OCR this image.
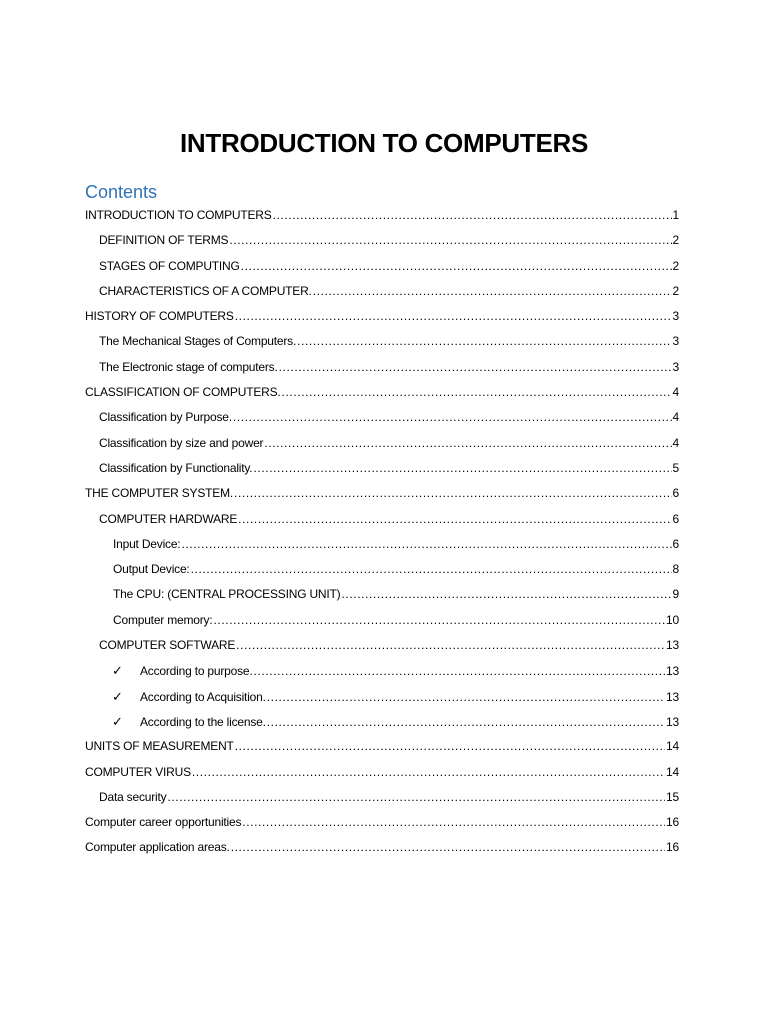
INTRODUCTION TO COMPUTERS
Contents
INTRODUCTION TO COMPUTERS .....	1
DEFINITION OF TERMS .....	2
STAGES OF COMPUTING .....	2
CHARACTERISTICS OF A COMPUTER. .....	2
HISTORY OF COMPUTERS .....	3
The Mechanical Stages of Computers. .....	3
The Electronic stage of computers. .....	3
CLASSIFICATION OF COMPUTERS. .....	4
Classification by Purpose. .....	4
Classification by size and power .....	4
Classification by Functionality. .....	5
THE COMPUTER SYSTEM. .....	6
COMPUTER HARDWARE .....	6
Input Device: .....	6
Output Device: .....	8
The CPU: (CENTRAL PROCESSING UNIT) .....	9
Computer memory: .....	10
COMPUTER SOFTWARE .....	13
✓	According to purpose. .....	13
✓	According to Acquisition. .....	13
✓	According to the license. .....	13
UNITS OF MEASUREMENT .....	14
COMPUTER VIRUS .....	14
Data security .....	15
Computer career opportunities .....	16
Computer application areas. .....	16
